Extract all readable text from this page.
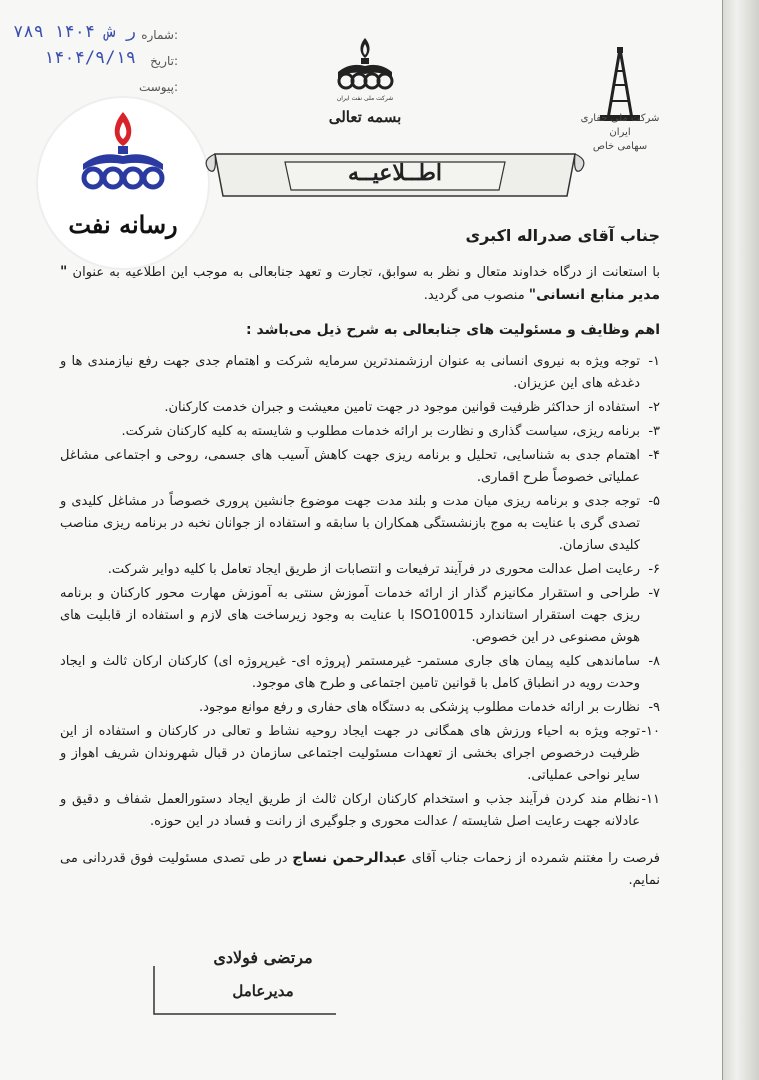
۷۸۹ ر ش ۱۴۰۴ شماره:
۱۴۰۴/۹/۱۹ تاریخ:
پیوست:
شرکت ملی نفت ایران
بسمه تعالی	شرکت ملی حفاری ایران
سهامی خاص
رسانه نفت
اطــلاعیــه
جناب آقای صدراله اکبری
با استعانت از درگاه خداوند متعال و نظر به سوابق، تجارت و تعهد جنابعالی به موجب این اطلاعیه به عنوان " مدیر منابع انسانی" منصوب می گردید.
اهم وظایف و مسئولیت های جنابعالی به شرح ذیل می‌باشد :
۱-
توجه ویژه به نیروی انسانی به عنوان ارزشمندترین سرمایه شرکت و اهتمام جدی جهت رفع نیازمندی ها و دغدغه های این عزیزان.
۲-
استفاده از حداکثر ظرفیت قوانین موجود در جهت تامین معیشت و جبران خدمت کارکنان.
۳-
برنامه ریزی، سیاست گذاری و نظارت بر ارائه خدمات مطلوب و شایسته به کلیه کارکنان شرکت.
۴-
اهتمام جدی به شناسایی، تحلیل و برنامه ریزی جهت کاهش آسیب های جسمی، روحی و اجتماعی مشاغل عملیاتی خصوصاً طرح اقماری.
۵-
توجه جدی و برنامه ریزی میان مدت و بلند مدت جهت موضوع جانشین پروری خصوصاً در مشاغل کلیدی و تصدی گری با عنایت به موج بازنشستگی همکاران با سابقه و استفاده از جوانان نخبه در برنامه ریزی مناصب کلیدی سازمان.
۶-
رعایت اصل عدالت محوری در فرآیند ترفیعات و انتصابات از طریق ایجاد تعامل با کلیه دوایر شرکت.
۷-
طراحی و استقرار مکانیزم گذار از ارائه خدمات آموزش سنتی به آموزش مهارت محور کارکنان و برنامه ریزی جهت استقرار استاندارد ISO10015 با عنایت به وجود زیرساخت های لازم و استفاده از قابلیت های هوش مصنوعی در این خصوص.
۸-
ساماندهی کلیه پیمان های جاری مستمر- غیرمستمر (پروژه ای- غیرپروژه ای) کارکنان ارکان ثالث و ایجاد وحدت رویه در انطباق کامل با قوانین تامین اجتماعی و طرح های موجود.
۹-
نظارت بر ارائه خدمات مطلوب پزشکی به دستگاه های حفاری و رفع موانع موجود.
۱۰-
توجه ویژه به احیاء ورزش های همگانی در جهت ایجاد روحیه نشاط و تعالی در کارکنان و استفاده از این ظرفیت درخصوص اجرای بخشی از تعهدات مسئولیت اجتماعی سازمان در قبال شهروندان شریف اهواز و سایر نواحی عملیاتی.
۱۱-
نظام مند کردن فرآیند جذب و استخدام کارکنان ارکان ثالث از طریق ایجاد دستورالعمل شفاف و دقیق و عادلانه جهت رعایت اصل شایسته / عدالت محوری و جلوگیری از رانت و فساد در این حوزه.
فرصت را مغتنم شمرده از زحمات جناب آقای عبدالرحمن نساج در طی تصدی مسئولیت فوق قدردانی می نمایم.
مرتضی فولادی
مدیرعامل
